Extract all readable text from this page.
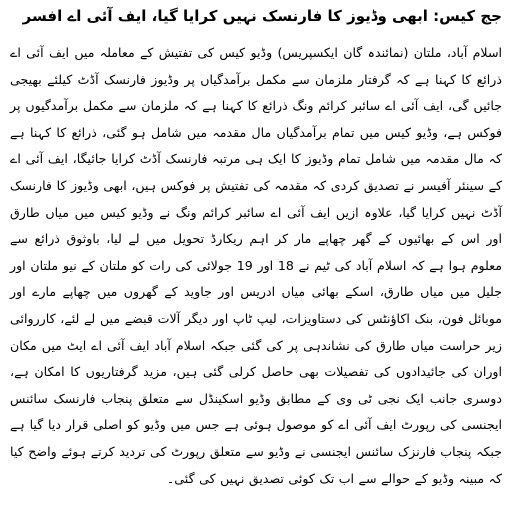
جج کیس: ابھی وڈیوز کا فارنسک نہیں کرایا گیا، ایف آئی اے افسر

اسلام آباد، ملتان (نمائندہ گان ایکسپریس) وڈیو کیس کی تفتیش کے معاملہ میں ایف آئی اے ذرائع کا کہنا ہے کہ گرفتار ملزمان سے مکمل برآمدگیاں پر وڈیوز فارنسک آڈٹ کیلئے بھیجی جائیں گی، ایف آئی اے سائبر کرائم ونگ ذرائع کا کہنا ہے کہ ملزمان سے مکمل برآمدگیوں پر فوکس ہے، وڈیو کیس میں تمام برآمدگیاں مال مقدمہ میں شامل ہو گئی، ذرائع کا کہنا ہے کہ مال مقدمہ میں شامل تمام وڈیوز کا ایک ہی مرتبہ فارنسک آڈٹ کرایا جائیگا، ایف آئی اے کے سینئر آفیسر نے تصدیق کردی کہ مقدمہ کی تفتیش پر فوکس ہیں، ابھی وڈیوز کا فارنسک آڈٹ نہیں کرایا گیا، علاوہ ازیں ایف آئی اے سائبر کرائم ونگ نے وڈیو کیس میں میاں طارق اور اس کے بھائیوں کے گھر چھاپے مار کر اہم ریکارڈ تحویل میں لے لیا، باوثوق ذرائع سے معلوم ہوا ہے کہ اسلام آباد کی ٹیم نے 18 اور 19 جولائی کی رات کو ملتان کے نیو ملتان اور جلیل میں میاں طارق، اسکے بھائی میاں ادریس اور جاوید کے گھروں میں چھاپے مارے اور موبائل فون، بنک اکاؤنٹس کی دستاویزات، لیپ ٹاپ اور دیگر آلات قبضے میں لے لئے، کارروائی زیر حراست میاں طارق کی نشاندہی پر کی گئی جبکہ اسلام آباد ایف آئی اے ایٹ میں مکان اوران کی جائیدادوں کی تفصیلات بھی حاصل کرلی گئی ہیں، مزید گرفتاریوں کا امکان ہے، دوسری جانب ایک نجی ٹی وی کے مطابق وڈیو اسکینڈل سے متعلق پنجاب فارنسک سائنس ایجنسی کی رپورٹ ایف آئی اے کو موصول ہوئی ہے جس میں وڈیو کو اصلی قرار دیا گیا ہے جبکہ پنجاب فارنزک سائنس ایجنسی نے وڈیو سے متعلق رپورٹ کی تردید کرتے ہوئے واضح کیا کہ مبینہ وڈیو کے حوالے سے اب تک کوئی تصدیق نہیں کی گئی۔
